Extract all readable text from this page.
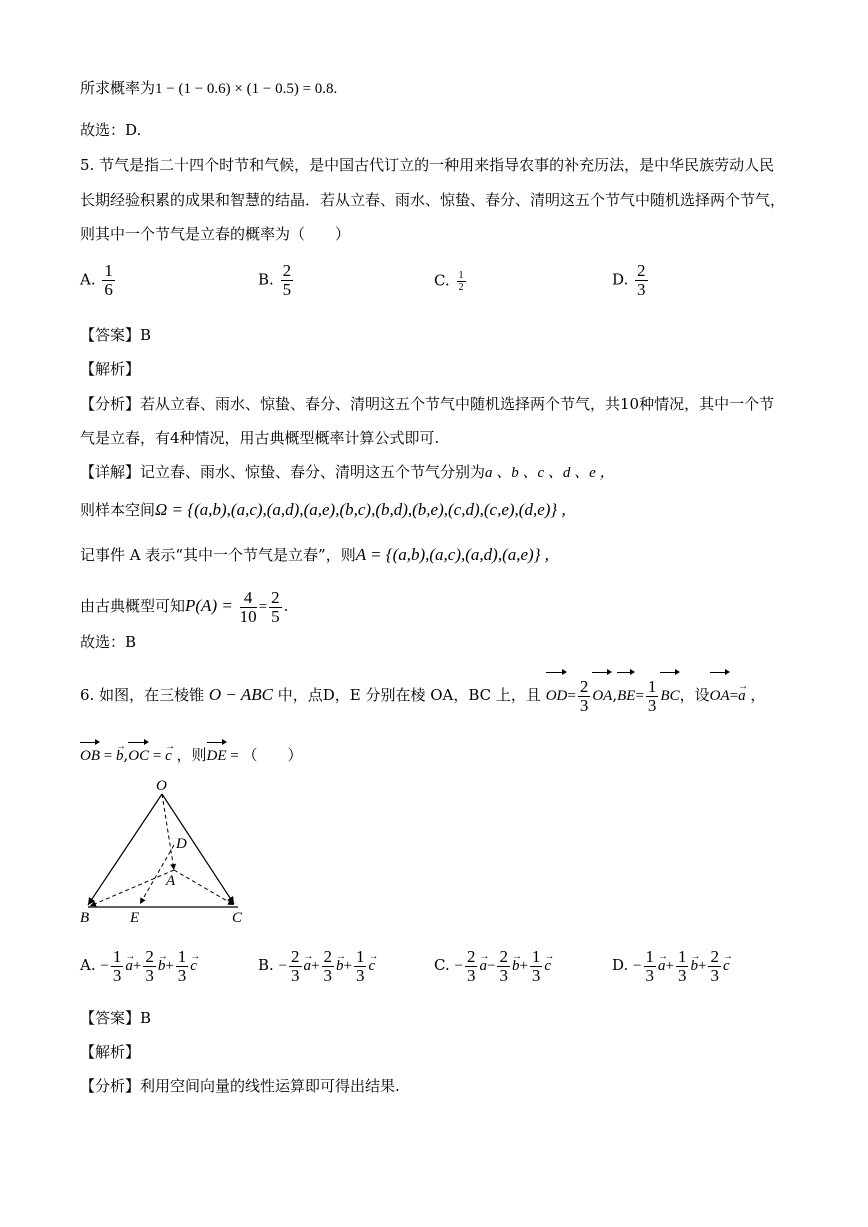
所求概率为1 − (1 − 0.6) × (1 − 0.5) = 0.8.
故选：D.
5. 节气是指二十四个时节和气候，是中国古代订立的一种用来指导农事的补充历法，是中华民族劳动人民
长期经验积累的成果和智慧的结晶．若从立春、雨水、惊蛰、春分、清明这五个节气中随机选择两个节气，
则其中一个节气是立春的概率为（　　）
A. $\frac{1}{6}$	B. $\frac{2}{5}$	C. $\frac{1}{2}$	D. $\frac{2}{3}$
【答案】B
【解析】
【分析】若从立春、雨水、惊蛰、春分、清明这五个节气中随机选择两个节气，共10种情况，其中一个节
气是立春，有4种情况，用古典概型概率计算公式即可.
【详解】记立春、雨水、惊蛰、春分、清明这五个节气分别为a 、b 、c 、d 、e ，
则样本空间Ω = {(a,b),(a,c),(a,d),(a,e),(b,c),(b,d),(b,e),(c,d),(c,e),(d,e)} ,
记事件 A 表示“其中一个节气是立春”，则A = {(a,b),(a,c),(a,d),(a,e)} ,
由古典概型可知$P(A) = \frac{4}{10} = \frac{2}{5}$ .
故选：B
6. 如图，在三棱锥 O − ABC 中，点D，E 分别在棱 OA，BC 上，且 $OD= \frac{2}{3} OA,BE= \frac{1}{3}$ BC，设OA=→ a ，
OB = → b,OC = → c ，则DE = （　　）
O
D
A
B	E	C
A. − $\frac{1}{3}$
→ $a+ \frac{2}{3}$
→ $b+ \frac{1}{3}$
→ c	B. − $\frac{2}{3}$
→ $a+ \frac{2}{3}$
→ $b+ \frac{1}{3}$
→ c	C. − $\frac{2}{3}$
→ $a- \frac{2}{3}$
→ $b+ \frac{1}{3}$
→ c	D. − $\frac{1}{3}$
→ $a+ \frac{1}{3}$
→ $b+ \frac{2}{3}$
→ c
【答案】B
【解析】
【分析】利用空间向量的线性运算即可得出结果.
